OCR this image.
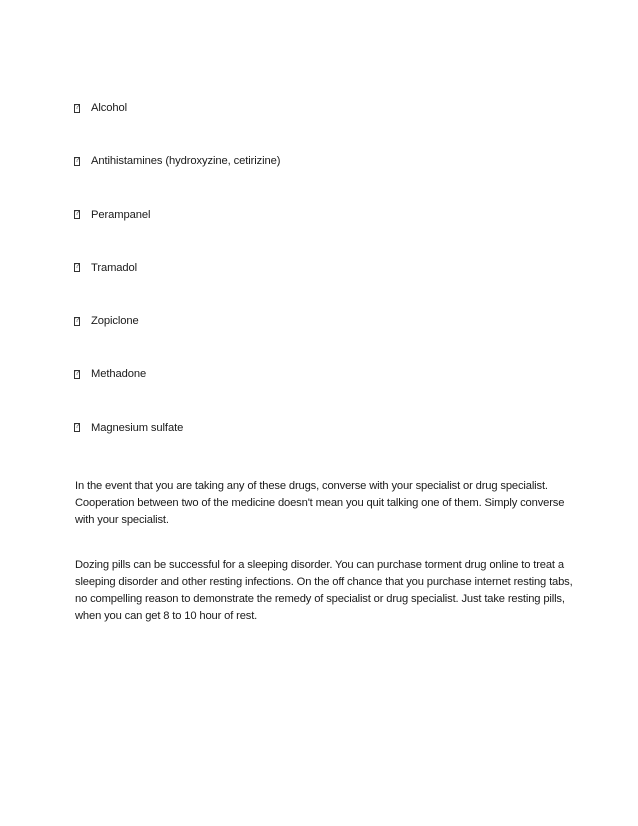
?
Alcohol
?
Antihistamines (hydroxyzine, cetirizine)
?
Perampanel
?
Tramadol
?
Zopiclone
?
Methadone
?
Magnesium sulfate

In the event that you are taking any of these drugs, converse with your specialist or drug specialist.
Cooperation between two of the medicine doesn't mean you quit talking one of them. Simply converse
with your specialist.

Dozing pills can be successful for a sleeping disorder. You can purchase torment drug online to treat a
sleeping disorder and other resting infections. On the off chance that you purchase internet resting tabs,
no compelling reason to demonstrate the remedy of specialist or drug specialist. Just take resting pills,
when you can get 8 to 10 hour of rest.
